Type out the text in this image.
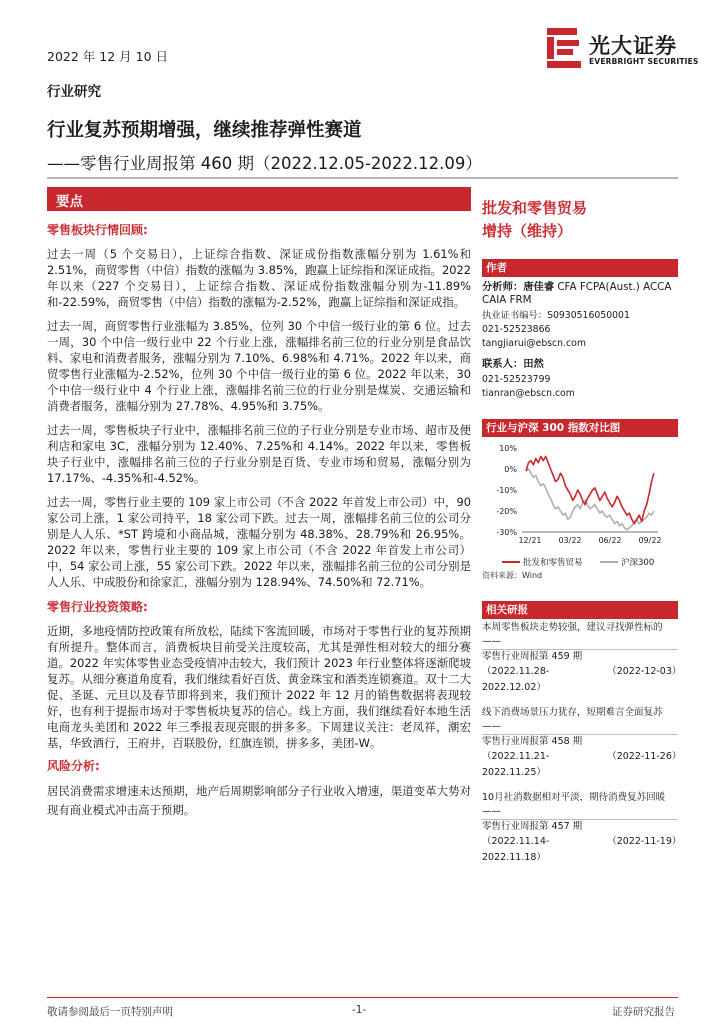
2022 年 12 月 10 日	光大证券
EVERBRIGHT SECURITIES
行业研究
行业复苏预期增强，继续推荐弹性赛道
——零售行业周报第 460 期（2022.12.05-2022.12.09）
要点
零售板块行情回顾:

过去一周（5 个交易日），上证综合指数、深证成份指数涨幅分别为 1.61%和 2.51%，商贸零售（中信）指数的涨幅为 3.85%，跑赢上证综指和深证成指。2022 年以来（227 个交易日），上证综合指数、深证成份指数涨幅分别为-11.89%和-22.59%，商贸零售（中信）指数的涨幅为-2.52%，跑赢上证综指和深证成指。

过去一周，商贸零售行业涨幅为 3.85%，位列 30 个中信一级行业的第 6 位。过去一周，30 个中信一级行业中 22 个行业上涨，涨幅排名前三位的行业分别是食品饮料、家电和消费者服务，涨幅分别为 7.10%、6.98%和 4.71%。2022 年以来，商贸零售行业涨幅为-2.52%，位列 30 个中信一级行业的第 6 位。2022 年以来，30 个中信一级行业中 4 个行业上涨，涨幅排名前三位的行业分别是煤炭、交通运输和消费者服务，涨幅分别为 27.78%、4.95%和 3.75%。

过去一周，零售板块子行业中，涨幅排名前三位的子行业分别是专业市场、超市及便利店和家电 3C，涨幅分别为 12.40%、7.25%和 4.14%。2022 年以来，零售板块子行业中，涨幅排名前三位的子行业分别是百货、专业市场和贸易，涨幅分别为 17.17%、-4.35%和-4.52%。

过去一周，零售行业主要的 109 家上市公司（不含 2022 年首发上市公司）中，90 家公司上涨，1 家公司持平，18 家公司下跌。过去一周，涨幅排名前三位的公司分别是人人乐、*ST 跨境和小商品城，涨幅分别为 48.38%、28.79%和 26.95%。2022 年以来，零售行业主要的 109 家上市公司（不含 2022 年首发上市公司）中，54 家公司上涨，55 家公司下跌。2022 年以来，涨幅排名前三位的公司分别是人人乐、中成股份和徐家汇，涨幅分别为 128.94%、74.50%和 72.71%。

零售行业投资策略:

近期，多地疫情防控政策有所放松，陆续下客流回暖，市场对于零售行业的复苏预期有所提升。整体而言，消费板块目前受关注度较高，尤其是弹性相对较大的细分赛道。2022 年实体零售业态受疫情冲击较大，我们预计 2023 年行业整体将逐渐爬坡复苏。从细分赛道角度看，我们继续看好百货、黄金珠宝和酒类连锁赛道。双十二大促、圣诞、元旦以及春节即将到来，我们预计 2022 年 12 月的销售数据将表现较好，也有利于提振市场对于零售板块复苏的信心。线上方面，我们继续看好本地生活电商龙头美团和 2022 年三季报表现亮眼的拼多多。下周建议关注：老凤祥，潮宏基，华致酒行，王府井，百联股份，红旗连锁，拼多多，美团-W。

风险分析:

居民消费需求增速未达预期，地产后周期影响部分子行业收入增速，渠道变革大势对现有商业模式冲击高于预期。

批发和零售贸易
增持（维持）
作者
分析师：唐佳睿 CFA FCPA(Aust.) ACCA
CAIA FRM
执业证书编号：S0930516050001
021-52523866
tangjiarui@ebscn.com
联系人：田然
021-52523799
tianran@ebscn.com
行业与沪深 300 指数对比图
10%
0%
-10%
-20%
-30%
12/21 03/22 06/22 09/22
批发和零售贸易	沪深300
资料来源：Wind
相关研报
本周零售板块走势较强，建议寻找弹性标的——
零售行业周报第 459 期
（2022.11.28-2022.12.02）
（2022-12-03）
线下消费场景压力犹存，短期难言全面复苏——
零售行业周报第 458 期
（2022.11.21-2022.11.25）
（2022-11-26）
10月社消数据相对平淡，期待消费复苏回暖——
零售行业周报第 457 期
（2022.11.14-2022.11.18）
（2022-11-19）
敬请参阅最后一页特别声明	-1-	证券研究报告
